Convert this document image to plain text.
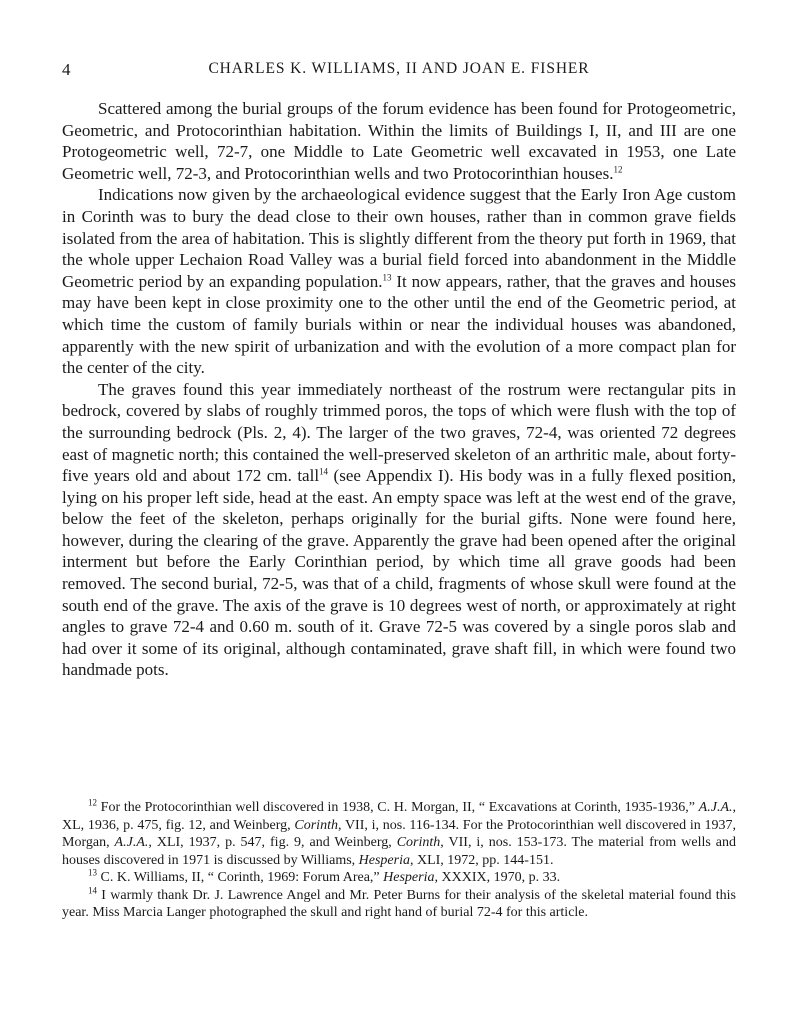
4	CHARLES K. WILLIAMS, II AND JOAN E. FISHER

Scattered among the burial groups of the forum evidence has been found for Protogeometric, Geometric, and Protocorinthian habitation. Within the limits of Buildings I, II, and III are one Protogeometric well, 72-7, one Middle to Late Geometric well excavated in 1953, one Late Geometric well, 72-3, and Protocorinthian wells and two Protocorinthian houses.$^{12}$

Indications now given by the archaeological evidence suggest that the Early Iron Age custom in Corinth was to bury the dead close to their own houses, rather than in common grave fields isolated from the area of habitation. This is slightly different from the theory put forth in 1969, that the whole upper Lechaion Road Valley was a burial field forced into abandonment in the Middle Geometric period by an expanding population.$^{13}$ It now appears, rather, that the graves and houses may have been kept in close proximity one to the other until the end of the Geometric period, at which time the custom of family burials within or near the individual houses was abandoned, apparently with the new spirit of urbanization and with the evolution of a more compact plan for the center of the city.

The graves found this year immediately northeast of the rostrum were rectangular pits in bedrock, covered by slabs of roughly trimmed poros, the tops of which were flush with the top of the surrounding bedrock (Pls. 2, 4). The larger of the two graves, 72-4, was oriented 72 degrees east of magnetic north; this contained the well-preserved skeleton of an arthritic male, about forty-five years old and about 172 cm. tall$^{14}$ (see Appendix I). His body was in a fully flexed position, lying on his proper left side, head at the east. An empty space was left at the west end of the grave, below the feet of the skeleton, perhaps originally for the burial gifts. None were found here, however, during the clearing of the grave. Apparently the grave had been opened after the original interment but before the Early Corinthian period, by which time all grave goods had been removed. The second burial, 72-5, was that of a child, fragments of whose skull were found at the south end of the grave. The axis of the grave is 10 degrees west of north, or approximately at right angles to grave 72-4 and 0.60 m. south of it. Grave 72-5 was covered by a single poros slab and had over it some of its original, although contaminated, grave shaft fill, in which were found two handmade pots.

$^{12}$ For the Protocorinthian well discovered in 1938, C. H. Morgan, II, “ Excavations at Corinth, 1935-1936,” A.J.A., XL, 1936, p. 475, fig. 12, and Weinberg, Corinth, VII, i, nos. 116-134. For the Protocorinthian well discovered in 1937, Morgan, A.J.A., XLI, 1937, p. 547, fig. 9, and Weinberg, Corinth, VII, i, nos. 153-173. The material from wells and houses discovered in 1971 is discussed by Williams, Hesperia, XLI, 1972, pp. 144-151.

$^{13}$ C. K. Williams, II, “ Corinth, 1969: Forum Area,” Hesperia, XXXIX, 1970, p. 33.

$^{14}$ I warmly thank Dr. J. Lawrence Angel and Mr. Peter Burns for their analysis of the skeletal material found this year. Miss Marcia Langer photographed the skull and right hand of burial 72-4 for this article.
